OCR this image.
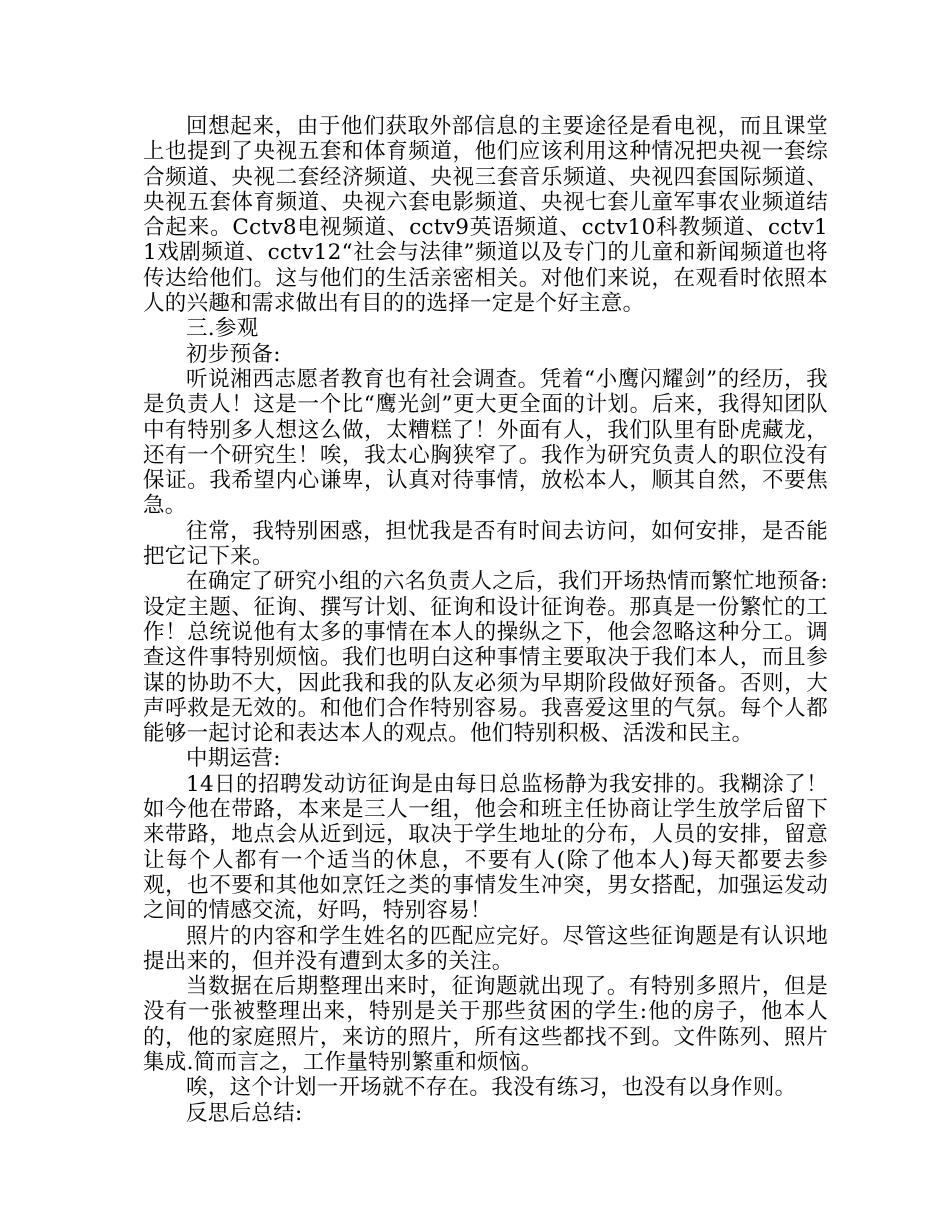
回想起来，由于他们获取外部信息的主要途径是看电视，而且课堂上也提到了央视五套和体育频道，他们应该利用这种情况把央视一套综合频道、央视二套经济频道、央视三套音乐频道、央视四套国际频道、央视五套体育频道、央视六套电影频道、央视七套儿童军事农业频道结合起来。Cctv8电视频道、cctv9英语频道、cctv10科教频道、cctv11戏剧频道、cctv12“社会与法律”频道以及专门的儿童和新闻频道也将传达给他们。这与他们的生活亲密相关。对他们来说，在观看时依照本人的兴趣和需求做出有目的的选择一定是个好主意。

三.参观

初步预备:

听说湘西志愿者教育也有社会调查。凭着“小鹰闪耀剑”的经历，我是负责人！这是一个比“鹰光剑”更大更全面的计划。后来，我得知团队中有特别多人想这么做，太糟糕了！外面有人，我们队里有卧虎藏龙，还有一个研究生！唉，我太心胸狭窄了。我作为研究负责人的职位没有保证。我希望内心谦卑，认真对待事情，放松本人，顺其自然，不要焦急。

往常，我特别困惑，担忧我是否有时间去访问，如何安排，是否能把它记下来。

在确定了研究小组的六名负责人之后，我们开场热情而繁忙地预备:设定主题、征询、撰写计划、征询和设计征询卷。那真是一份繁忙的工作！总统说他有太多的事情在本人的操纵之下，他会忽略这种分工。调查这件事特别烦恼。我们也明白这种事情主要取决于我们本人，而且参谋的协助不大，因此我和我的队友必须为早期阶段做好预备。否则，大声呼救是无效的。和他们合作特别容易。我喜爱这里的气氛。每个人都能够一起讨论和表达本人的观点。他们特别积极、活泼和民主。

中期运营:

14日的招聘发动访征询是由每日总监杨静为我安排的。我糊涂了！如今他在带路，本来是三人一组，他会和班主任协商让学生放学后留下来带路，地点会从近到远，取决于学生地址的分布，人员的安排，留意让每个人都有一个适当的休息，不要有人(除了他本人)每天都要去参观，也不要和其他如烹饪之类的事情发生冲突，男女搭配，加强运发动之间的情感交流，好吗，特别容易！

照片的内容和学生姓名的匹配应完好。尽管这些征询题是有认识地提出来的，但并没有遭到太多的关注。

当数据在后期整理出来时，征询题就出现了。有特别多照片，但是没有一张被整理出来，特别是关于那些贫困的学生:他的房子，他本人的，他的家庭照片，来访的照片，所有这些都找不到。文件陈列、照片集成.简而言之，工作量特别繁重和烦恼。

唉，这个计划一开场就不存在。我没有练习，也没有以身作则。

反思后总结:
